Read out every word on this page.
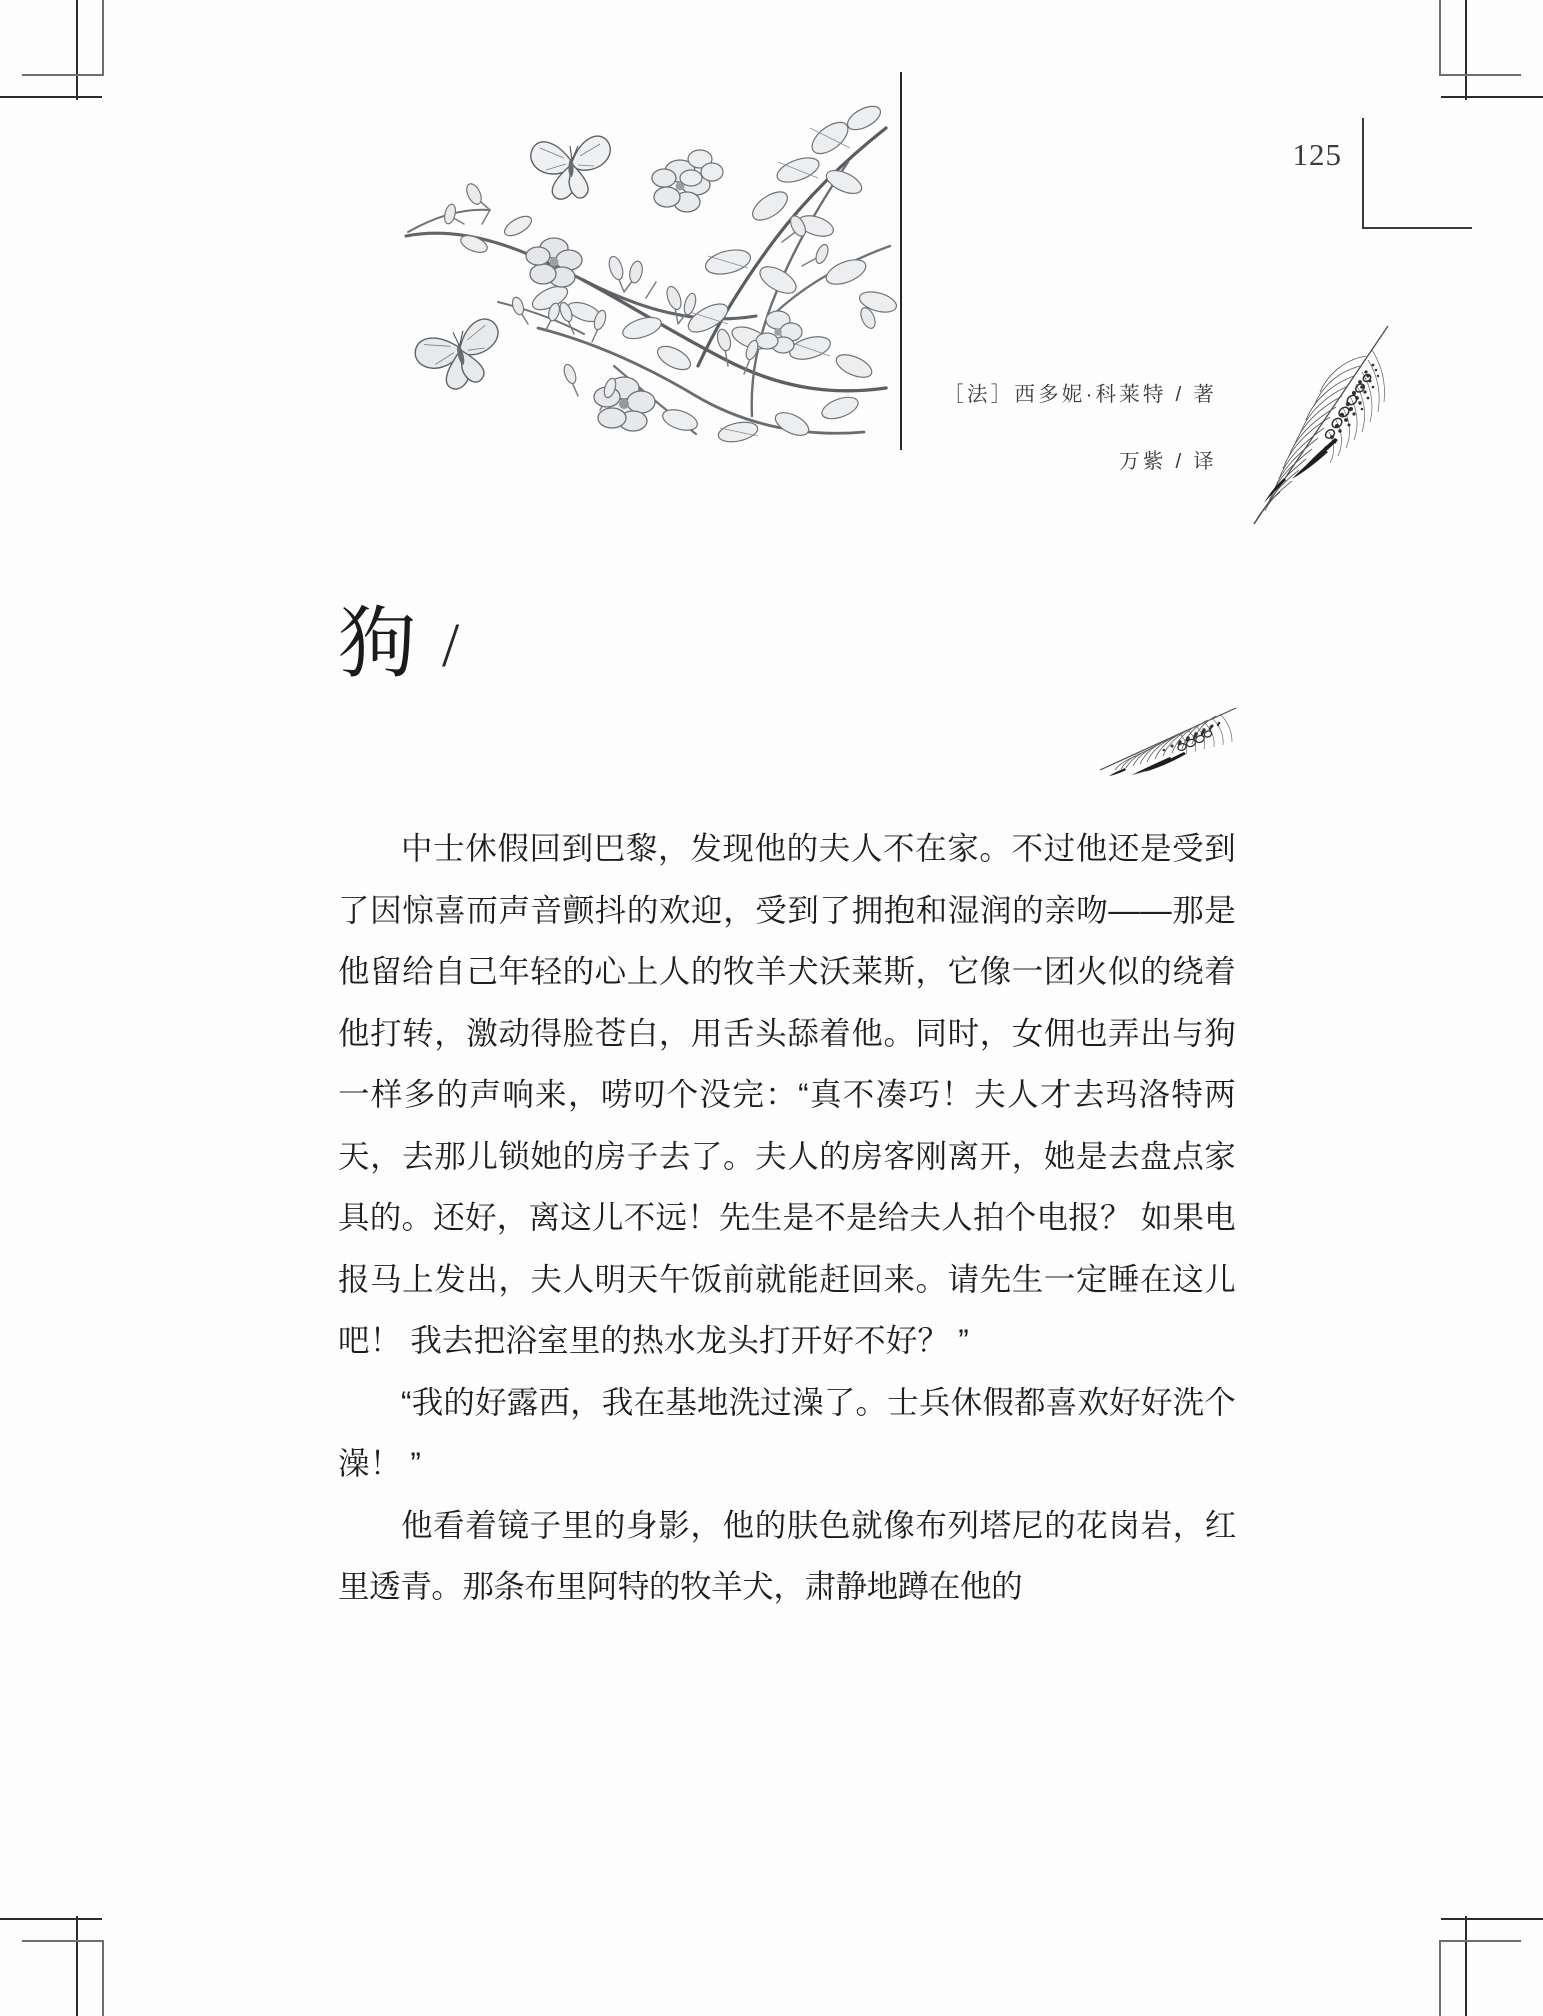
125
［法］西多妮·科莱特 / 著
万紫 / 译
狗 /

中士休假回到巴黎，发现他的夫人不在家。不过他还是受到了因惊喜而声音颤抖的欢迎，受到了拥抱和湿润的亲吻——那是他留给自己年轻的心上人的牧羊犬沃莱斯，它像一团火似的绕着他打转，激动得脸苍白，用舌头舔着他。同时，女佣也弄出与狗一样多的声响来，唠叨个没完：“真不凑巧！夫人才去玛洛特两天，去那儿锁她的房子去了。夫人的房客刚离开，她是去盘点家具的。还好，离这儿不远！先生是不是给夫人拍个电报？ 如果电报马上发出，夫人明天午饭前就能赶回来。请先生一定睡在这儿吧！ 我去把浴室里的热水龙头打开好不好？ ”

“我的好露西，我在基地洗过澡了。士兵休假都喜欢好好洗个澡！ ”

他看着镜子里的身影，他的肤色就像布列塔尼的花岗岩，红里透青。那条布里阿特的牧羊犬，肃静地蹲在他的
